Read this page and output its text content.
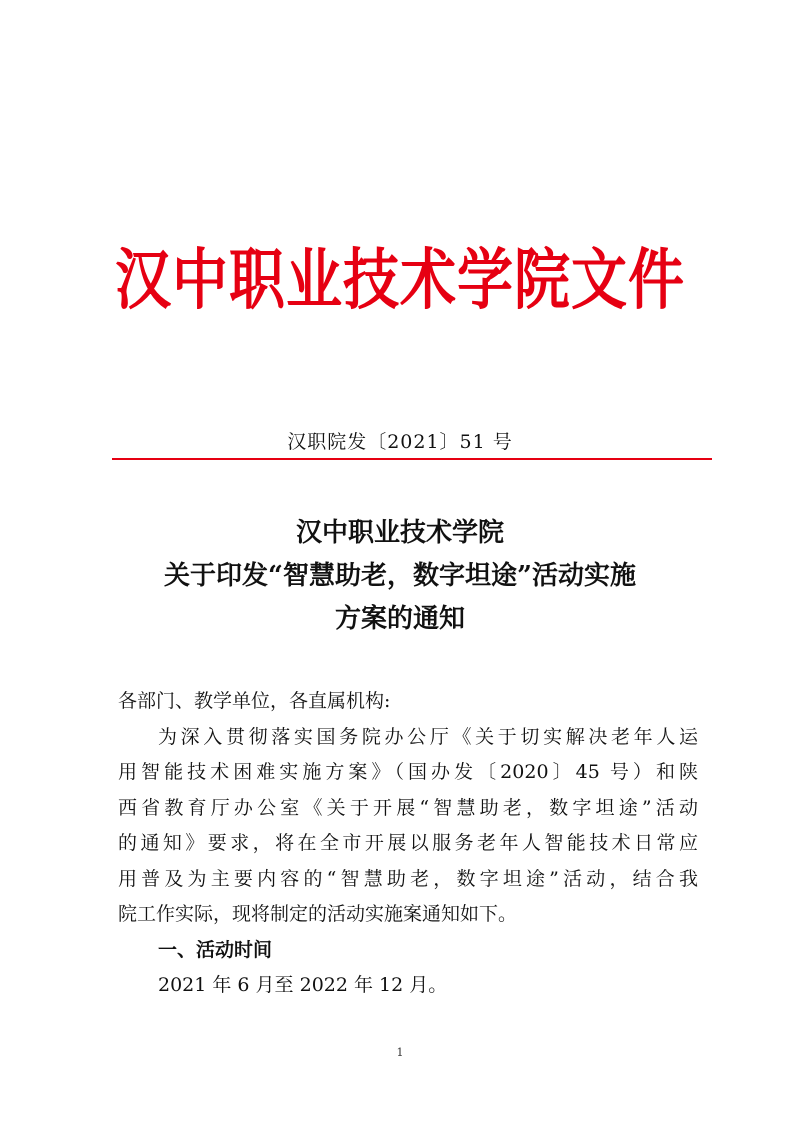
汉中职业技术学院文件
汉职院发〔2021〕51 号
汉中职业技术学院
关于印发“智慧助老，数字坦途”活动实施
方案的通知
各部门、教学单位，各直属机构:
为深入贯彻落实国务院办公厅《关于切实解决老年人运
用智能技术困难实施方案》（国办发〔2020〕45 号）和陕
西省教育厅办公室《关于开展“智慧助老，数字坦途”活动
的通知》要求，将在全市开展以服务老年人智能技术日常应
用普及为主要内容的“智慧助老，数字坦途”活动，结合我
院工作实际，现将制定的活动实施案通知如下。
一、活动时间
2021 年 6 月至 2022 年 12 月。
1
